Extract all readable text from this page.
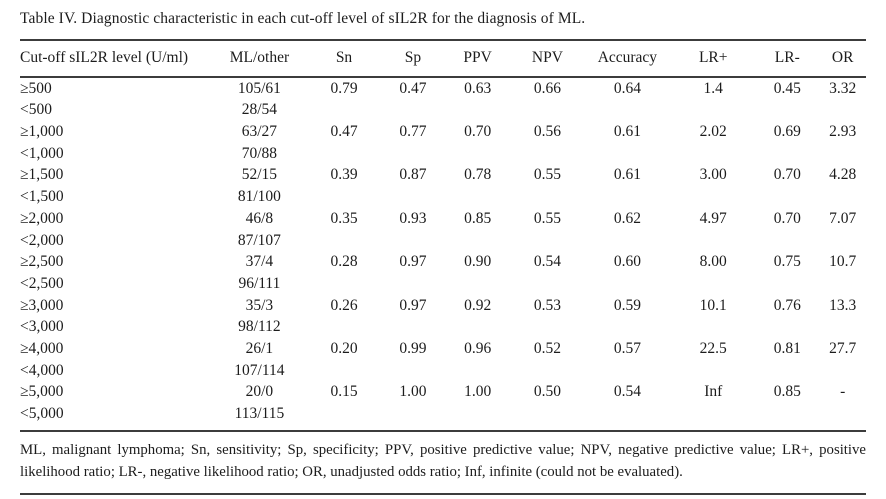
Table IV. Diagnostic characteristic in each cut-off level of sIL2R for the diagnosis of ML.
Cut-off sIL2R level (U/ml)	ML/other	Sn	Sp	PPV	NPV	Accuracy	LR+	LR-	OR
≥500	105/61	0.79	0.47	0.63	0.66	0.64	1.4	0.45	3.32
<500	28/54								
≥1,000	63/27	0.47	0.77	0.70	0.56	0.61	2.02	0.69	2.93
<1,000	70/88								
≥1,500	52/15	0.39	0.87	0.78	0.55	0.61	3.00	0.70	4.28
<1,500	81/100								
≥2,000	46/8	0.35	0.93	0.85	0.55	0.62	4.97	0.70	7.07
<2,000	87/107								
≥2,500	37/4	0.28	0.97	0.90	0.54	0.60	8.00	0.75	10.7
<2,500	96/111								
≥3,000	35/3	0.26	0.97	0.92	0.53	0.59	10.1	0.76	13.3
<3,000	98/112								
≥4,000	26/1	0.20	0.99	0.96	0.52	0.57	22.5	0.81	27.7
<4,000	107/114								
≥5,000	20/0	0.15	1.00	1.00	0.50	0.54	Inf	0.85	-
<5,000	113/115								
ML, malignant lymphoma; Sn, sensitivity; Sp, specificity; PPV, positive predictive value; NPV, negative predictive value; LR+, positive likelihood ratio; LR-, negative likelihood ratio; OR, unadjusted odds ratio; Inf, infinite (could not be evaluated).
